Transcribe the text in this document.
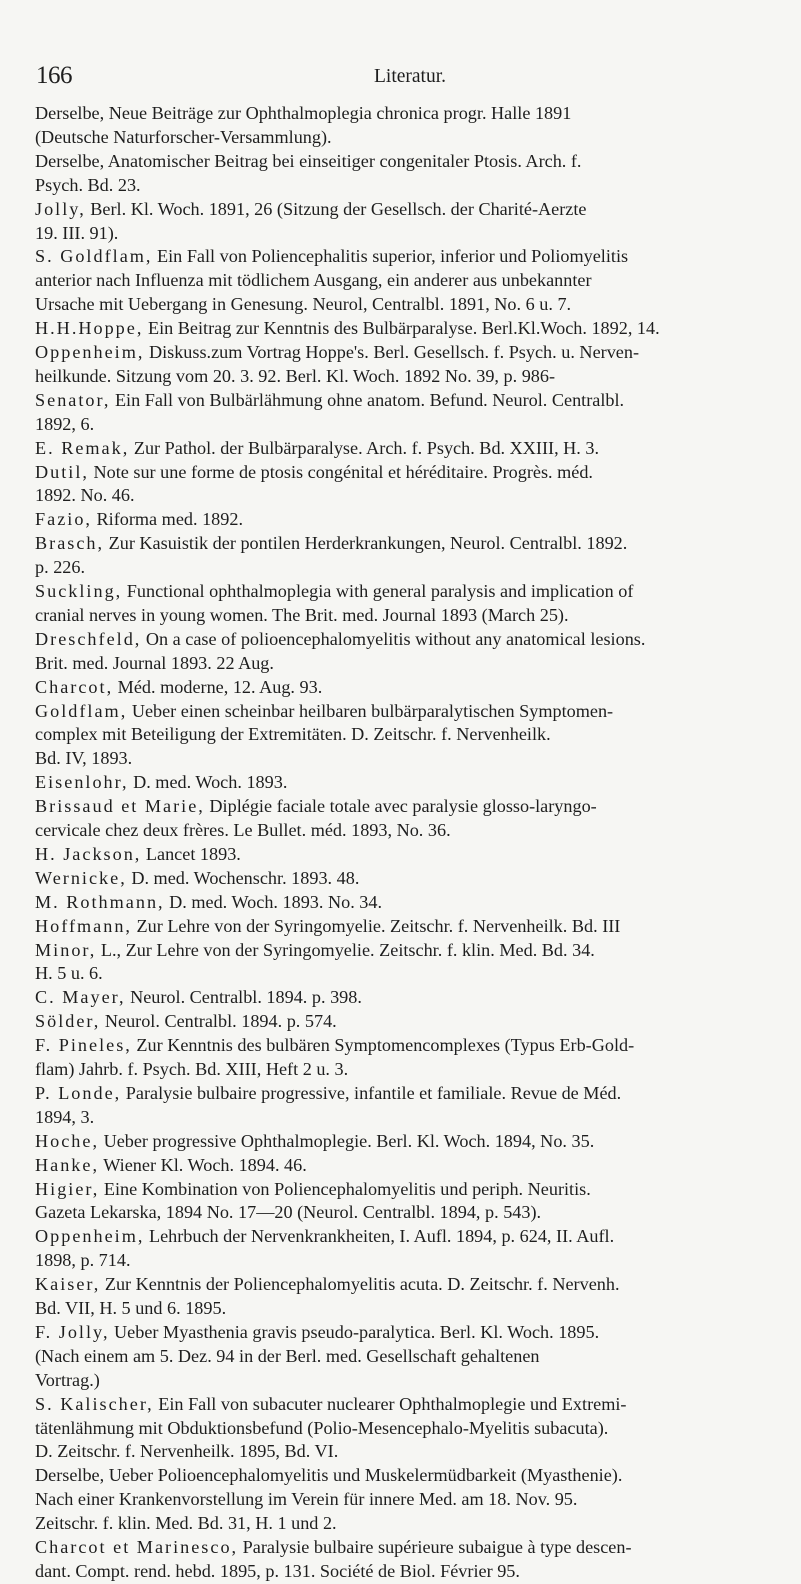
166	Literatur.

Derselbe, Neue Beiträge zur Ophthalmoplegia chronica progr. Halle 1891
(Deutsche Naturforscher-Versammlung).

Derselbe, Anatomischer Beitrag bei einseitiger congenitaler Ptosis. Arch. f.
Psych. Bd. 23.

Jolly, Berl. Kl. Woch. 1891, 26 (Sitzung der Gesellsch. der Charité-Aerzte
19. III. 91).

S. Goldflam, Ein Fall von Poliencephalitis superior, inferior und Poliomyelitis
anterior nach Influenza mit tödlichem Ausgang, ein anderer aus unbekannter
Ursache mit Uebergang in Genesung. Neurol, Centralbl. 1891, No. 6 u. 7.

H.H.Hoppe, Ein Beitrag zur Kenntnis des Bulbärparalyse. Berl.Kl.Woch. 1892, 14.

Oppenheim, Diskuss.zum Vortrag Hoppe's. Berl. Gesellsch. f. Psych. u. Nerven-
heilkunde. Sitzung vom 20. 3. 92. Berl. Kl. Woch. 1892 No. 39, p. 986-

Senator, Ein Fall von Bulbärlähmung ohne anatom. Befund. Neurol. Centralbl.
1892, 6.

E. Remak, Zur Pathol. der Bulbärparalyse. Arch. f. Psych. Bd. XXIII, H. 3.

Dutil, Note sur une forme de ptosis congénital et héréditaire. Progrès. méd.
1892. No. 46.

Fazio, Riforma med. 1892.

Brasch, Zur Kasuistik der pontilen Herderkrankungen, Neurol. Centralbl. 1892.
p. 226.

Suckling, Functional ophthalmoplegia with general paralysis and implication of
cranial nerves in young women. The Brit. med. Journal 1893 (March 25).

Dreschfeld, On a case of polioencephalomyelitis without any anatomical lesions.
Brit. med. Journal 1893. 22 Aug.

Charcot, Méd. moderne, 12. Aug. 93.

Goldflam, Ueber einen scheinbar heilbaren bulbärparalytischen Symptomen-
complex mit Beteiligung der Extremitäten. D. Zeitschr. f. Nervenheilk.
Bd. IV, 1893.

Eisenlohr, D. med. Woch. 1893.

Brissaud et Marie, Diplégie faciale totale avec paralysie glosso-laryngo-
cervicale chez deux frères. Le Bullet. méd. 1893, No. 36.

H. Jackson, Lancet 1893.

Wernicke, D. med. Wochenschr. 1893. 48.

M. Rothmann, D. med. Woch. 1893. No. 34.

Hoffmann, Zur Lehre von der Syringomyelie. Zeitschr. f. Nervenheilk. Bd. III

Minor, L., Zur Lehre von der Syringomyelie. Zeitschr. f. klin. Med. Bd. 34.
H. 5 u. 6.

C. Mayer, Neurol. Centralbl. 1894. p. 398.

Sölder, Neurol. Centralbl. 1894. p. 574.

F. Pineles, Zur Kenntnis des bulbären Symptomencomplexes (Typus Erb-Gold-
flam) Jahrb. f. Psych. Bd. XIII, Heft 2 u. 3.

P. Londe, Paralysie bulbaire progressive, infantile et familiale. Revue de Méd.
1894, 3.

Hoche, Ueber progressive Ophthalmoplegie. Berl. Kl. Woch. 1894, No. 35.

Hanke, Wiener Kl. Woch. 1894. 46.

Higier, Eine Kombination von Poliencephalomyelitis und periph. Neuritis.
Gazeta Lekarska, 1894 No. 17—20 (Neurol. Centralbl. 1894, p. 543).

Oppenheim, Lehrbuch der Nervenkrankheiten, I. Aufl. 1894, p. 624, II. Aufl.
1898, p. 714.

Kaiser, Zur Kenntnis der Poliencephalomyelitis acuta. D. Zeitschr. f. Nervenh.
Bd. VII, H. 5 und 6. 1895.

F. Jolly, Ueber Myasthenia gravis pseudo-paralytica. Berl. Kl. Woch. 1895.
(Nach einem am 5. Dez. 94 in der Berl. med. Gesellschaft gehaltenen
Vortrag.)

S. Kalischer, Ein Fall von subacuter nuclearer Ophthalmoplegie und Extremi-
tätenlähmung mit Obduktionsbefund (Polio-Mesencephalo-Myelitis subacuta).
D. Zeitschr. f. Nervenheilk. 1895, Bd. VI.

Derselbe, Ueber Polioencephalomyelitis und Muskelermüdbarkeit (Myasthenie).
Nach einer Krankenvorstellung im Verein für innere Med. am 18. Nov. 95.
Zeitschr. f. klin. Med. Bd. 31, H. 1 und 2.

Charcot et Marinesco, Paralysie bulbaire supérieure subaigue à type descen-
dant. Compt. rend. hebd. 1895, p. 131. Société de Biol. Février 95.
